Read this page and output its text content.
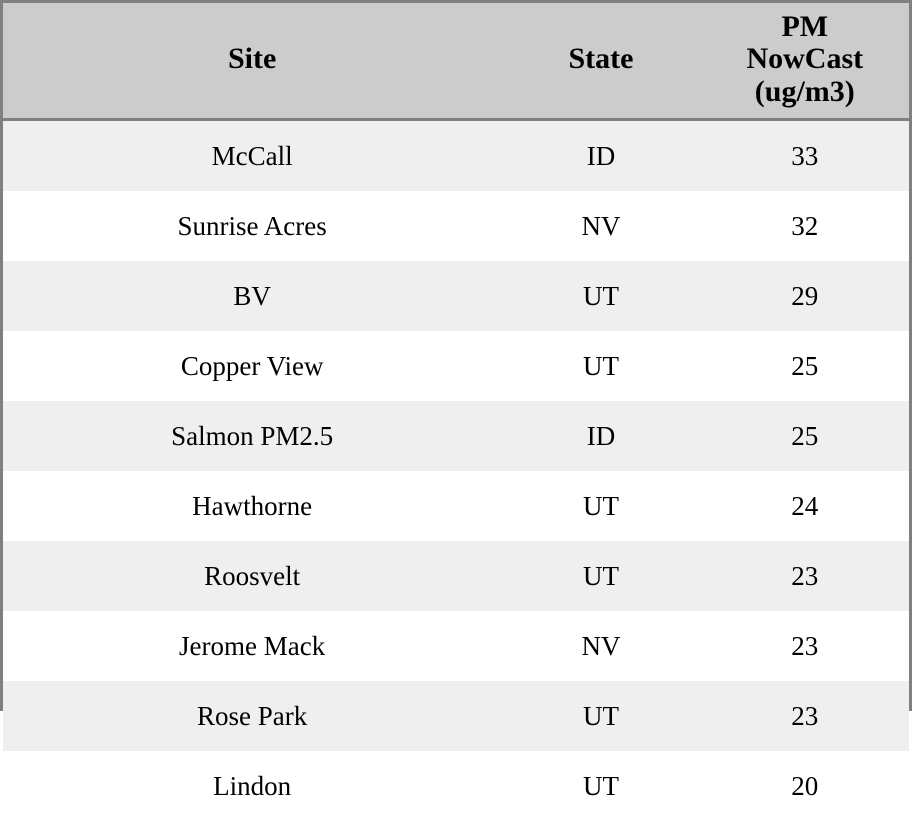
Site	State	PM
NowCast
(ug/m3)

McCall	ID	33
Sunrise Acres	NV	32
BV	UT	29
Copper View	UT	25
Salmon PM2.5	ID	25
Hawthorne	UT	24
Roosvelt	UT	23
Jerome Mack	NV	23
Rose Park	UT	23
Lindon	UT	20
